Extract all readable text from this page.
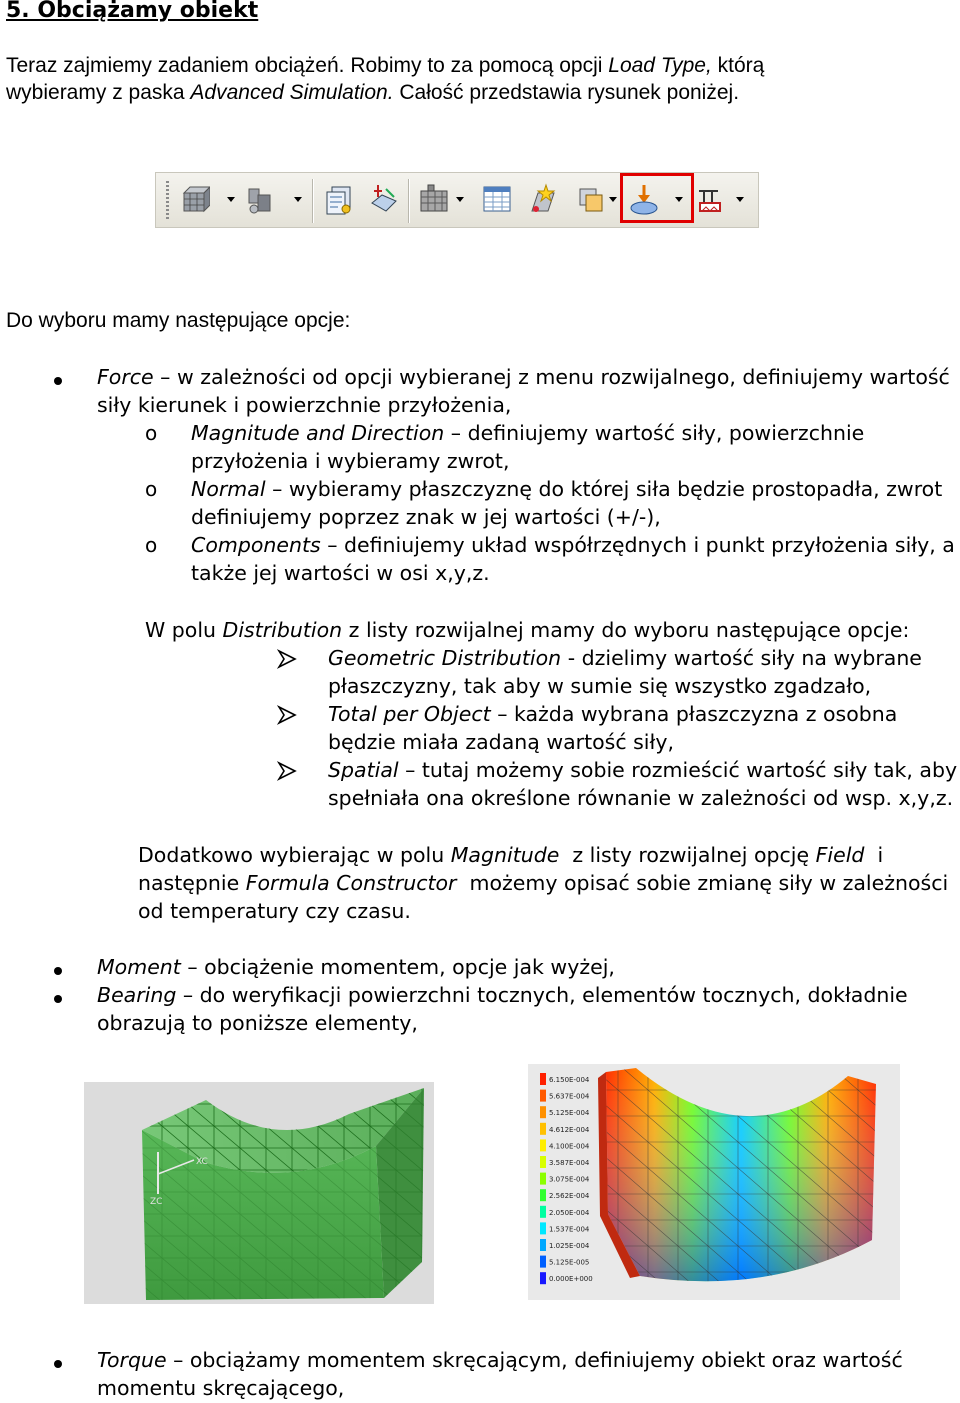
5. Obciążamy obiekt
Teraz zajmiemy zadaniem obciążeń. Robimy to za pomocą opcji Load Type, którą
wybieramy z paska Advanced Simulation. Całość przedstawia rysunek poniżej.
Do wyboru mamy następujące opcje:
Force – w zależności od opcji wybieranej z menu rozwijalnego, definiujemy wartość
siły kierunek i powierzchnie przyłożenia,
o Magnitude and Direction – definiujemy wartość siły, powierzchnie
przyłożenia i wybieramy zwrot,
o Normal – wybieramy płaszczyznę do której siła będzie prostopadła, zwrot
definiujemy poprzez znak w jej wartości (+/-),
o Components – definiujemy układ współrzędnych i punkt przyłożenia siły, a
także jej wartości w osi x,y,z.
W polu Distribution z listy rozwijalnej mamy do wyboru następujące opcje:
Geometric Distribution - dzielimy wartość siły na wybrane
płaszczyzny, tak aby w sumie się wszystko zgadzało,
Total per Object – każda wybrana płaszczyzna z osobna
będzie miała zadaną wartość siły,
Spatial – tutaj możemy sobie rozmieścić wartość siły tak, aby
spełniała ona określone równanie w zależności od wsp. x,y,z.
Dodatkowo wybierając w polu Magnitude  z listy rozwijalnej opcję Field  i
następnie Formula Constructor  możemy opisać sobie zmianę siły w zależności
od temperatury czy czasu.
Moment – obciążenie momentem, opcje jak wyżej,
Bearing – do weryfikacji powierzchni tocznych, elementów tocznych, dokładnie
obrazują to poniższe elementy,
ZC
XC
6.150E-004
5.637E-004
5.125E-004
4.612E-004
4.100E-004
3.587E-004
3.075E-004
2.562E-004
2.050E-004
1.537E-004
1.025E-004
5.125E-005
0.000E+000
Torque – obciążamy momentem skręcającym, definiujemy obiekt oraz wartość
momentu skręcającego,
